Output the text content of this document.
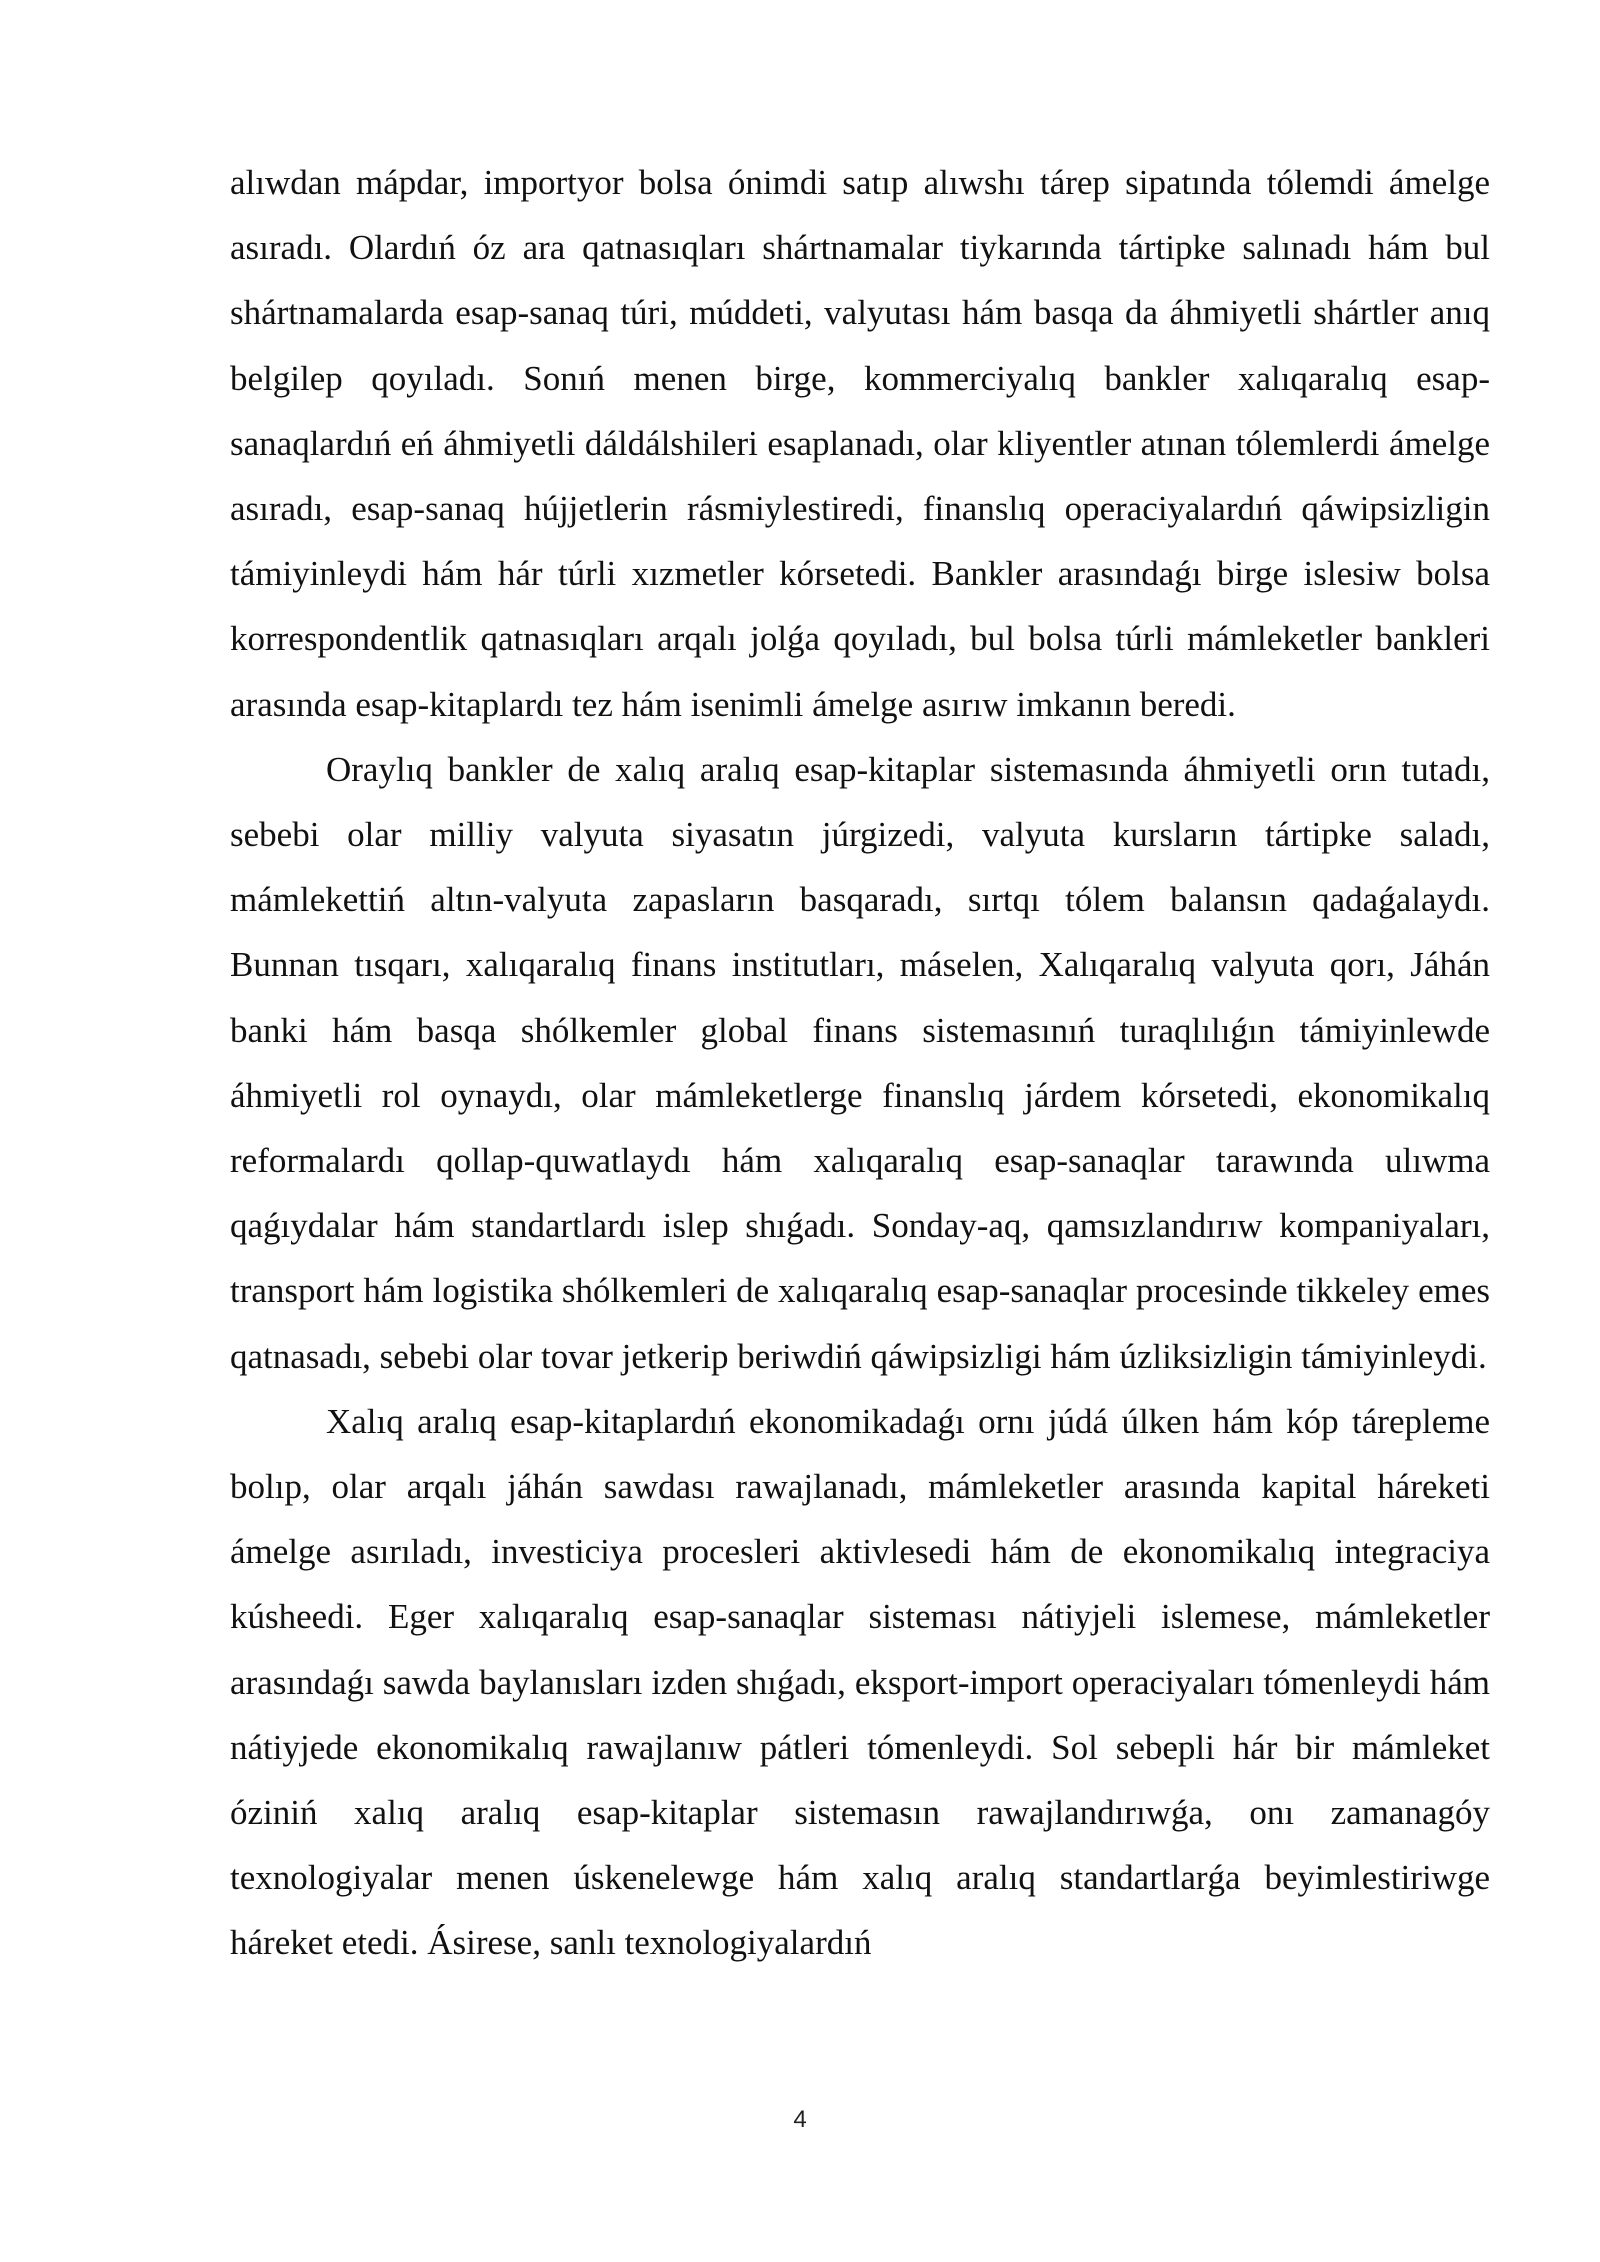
alıwdan mápdar, importyor bolsa ónimdi satıp alıwshı tárep sipatında tólemdi ámelge asıradı. Olardıń óz ara qatnasıqları shártnamalar tiykarında tártipke salınadı hám bul shártnamalarda esap-sanaq túri, múddeti, valyutası hám basqa da áhmiyetli shártler anıq belgilep qoyıladı. Sonıń menen birge, kommerciyalıq bankler xalıqaralıq esap-sanaqlardıń eń áhmiyetli dáldálshileri esaplanadı, olar kliyentler atınan tólemlerdi ámelge asıradı, esap-sanaq hújjetlerin rásmiylestiredi, finanslıq operaciyalardıń qáwipsizligin támiyinleydi hám hár túrli xızmetler kórsetedi. Bankler arasındaǵı birge islesiw bolsa korrespondentlik qatnasıqları arqalı jolǵa qoyıladı, bul bolsa túrli mámleketler bankleri arasında esap-kitaplardı tez hám isenimli ámelge asırıw imkanın beredi.

Oraylıq bankler de xalıq aralıq esap-kitaplar sistemasında áhmiyetli orın tutadı, sebebi olar milliy valyuta siyasatın júrgizedi, valyuta kursların tártipke saladı, mámlekettiń altın-valyuta zapasların basqaradı, sırtqı tólem balansın qadaǵalaydı. Bunnan tısqarı, xalıqaralıq finans institutları, máselen, Xalıqaralıq valyuta qorı, Jáhán banki hám basqa shólkemler global finans sistemasınıń turaqlılıǵın támiyinlewde áhmiyetli rol oynaydı, olar mámleketlerge finanslıq járdem kórsetedi, ekonomikalıq reformalardı qollap-quwatlaydı hám xalıqaralıq esap-sanaqlar tarawında ulıwma qaǵıydalar hám standartlardı islep shıǵadı. Sonday-aq, qamsızlandırıw kompaniyaları, transport hám logistika shólkemleri de xalıqaralıq esap-sanaqlar procesinde tikkeley emes qatnasadı, sebebi olar tovar jetkerip beriwdiń qáwipsizligi hám úzliksizligin támiyinleydi.

Xalıq aralıq esap-kitaplardıń ekonomikadaǵı ornı júdá úlken hám kóp tárepleme bolıp, olar arqalı jáhán sawdası rawajlanadı, mámleketler arasında kapital háreketi ámelge asırıladı, investiciya procesleri aktivlesedi hám de ekonomikalıq integraciya kúsheedi. Eger xalıqaralıq esap-sanaqlar sisteması nátiyjeli islemese, mámleketler arasındaǵı sawda baylanısları izden shıǵadı, eksport-import operaciyaları tómenleydi hám nátiyjede ekonomikalıq rawajlanıw pátleri tómenleydi. Sol sebepli hár bir mámleket óziniń xalıq aralıq esap-kitaplar sistemasın rawajlandırıwǵa, onı zamanagóy texnologiyalar menen úskenelewge hám xalıq aralıq standartlarǵa beyimlestiriwge háreket etedi. Ásirese, sanlı texnologiyalardıń

4
